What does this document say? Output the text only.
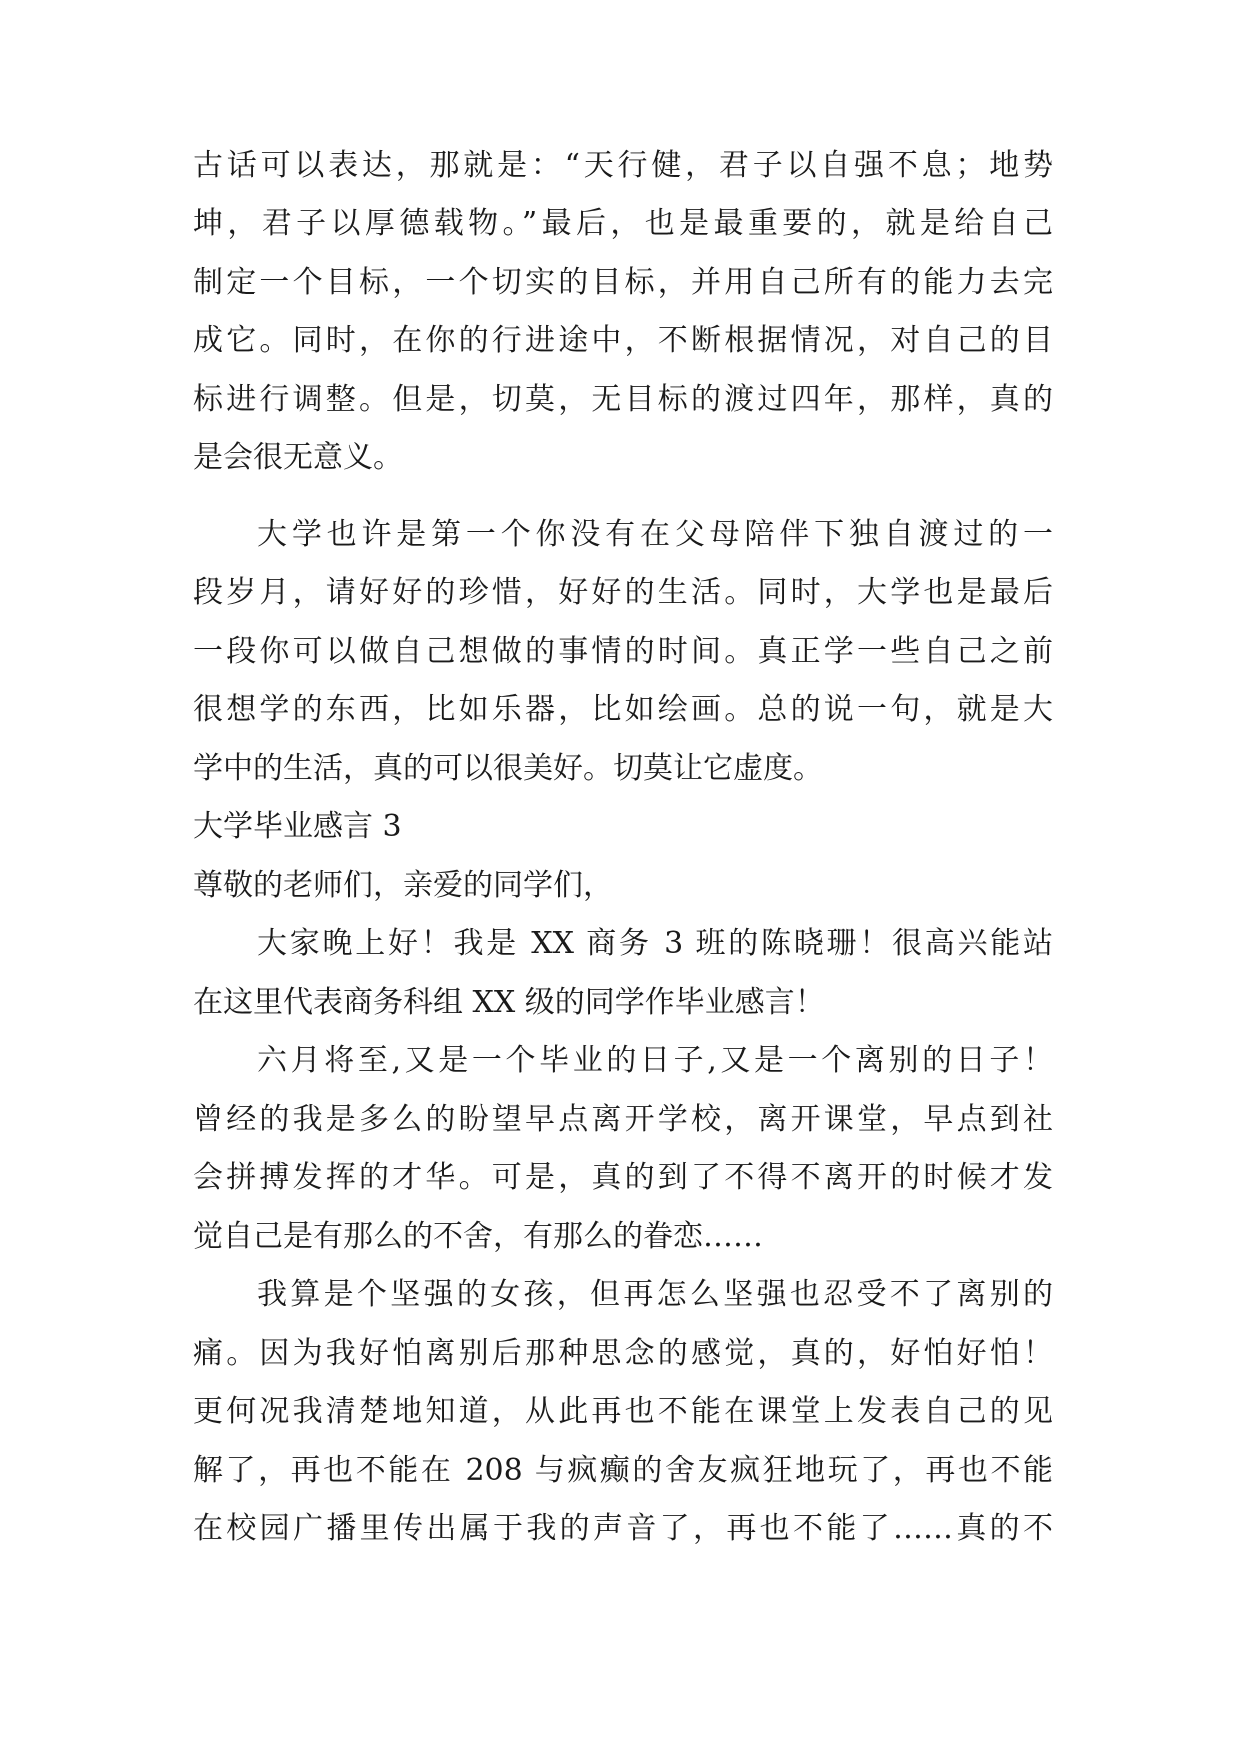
古话可以表达，那就是：“天行健，君子以自强不息；地势
坤，君子以厚德载物。”最后，也是最重要的，就是给自己
制定一个目标，一个切实的目标，并用自己所有的能力去完
成它。同时，在你的行进途中，不断根据情况，对自己的目
标进行调整。但是，切莫，无目标的渡过四年，那样，真的
是会很无意义。
大学也许是第一个你没有在父母陪伴下独自渡过的一
段岁月，请好好的珍惜，好好的生活。同时，大学也是最后
一段你可以做自己想做的事情的时间。真正学一些自己之前
很想学的东西，比如乐器，比如绘画。总的说一句，就是大
学中的生活，真的可以很美好。切莫让它虚度。
大学毕业感言 3
尊敬的老师们，亲爱的同学们，
大家晚上好！我是 XX 商务 3 班的陈晓珊！很高兴能站
在这里代表商务科组 XX 级的同学作毕业感言！
六月将至,又是一个毕业的日子,又是一个离别的日子！
曾经的我是多么的盼望早点离开学校，离开课堂，早点到社
会拼搏发挥的才华。可是，真的到了不得不离开的时候才发
觉自己是有那么的不舍，有那么的眷恋……
我算是个坚强的女孩，但再怎么坚强也忍受不了离别的
痛。因为我好怕离别后那种思念的感觉，真的，好怕好怕！
更何况我清楚地知道，从此再也不能在课堂上发表自己的见
解了，再也不能在 208 与疯癫的舍友疯狂地玩了，再也不能
在校园广播里传出属于我的声音了，再也不能了……真的不
